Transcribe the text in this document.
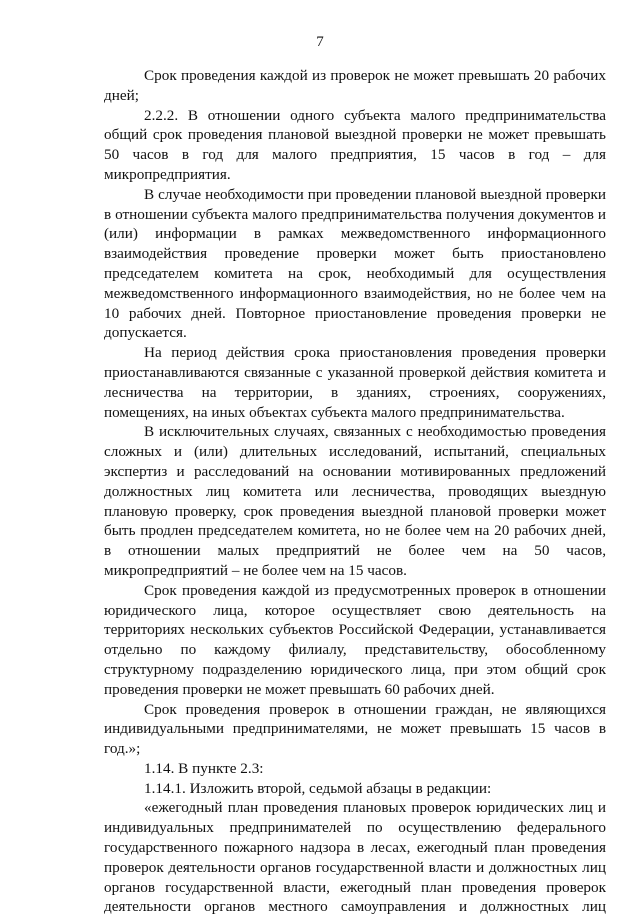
7

Срок проведения каждой из проверок не может превышать 20 рабочих дней;

2.2.2. В отношении одного субъекта малого предпринимательства общий срок проведения плановой выездной проверки не может превышать 50 часов в год для малого предприятия, 15 часов в год – для микропредприятия.

В случае необходимости при проведении плановой выездной проверки в отношении субъекта малого предпринимательства получения документов и (или) информации в рамках межведомственного информационного взаимодействия проведение проверки может быть приостановлено председателем комитета на срок, необходимый для осуществления межведомственного информационного взаимодействия, но не более чем на 10 рабочих дней. Повторное приостановление проведения проверки не допускается.

На период действия срока приостановления проведения проверки приостанавливаются связанные с указанной проверкой действия комитета и лесничества на территории, в зданиях, строениях, сооружениях, помещениях, на иных объектах субъекта малого предпринимательства.

В исключительных случаях, связанных с необходимостью проведения сложных и (или) длительных исследований, испытаний, специальных экспертиз и расследований на основании мотивированных предложений должностных лиц комитета или лесничества, проводящих выездную плановую проверку, срок проведения выездной плановой проверки может быть продлен председателем комитета, но не более чем на 20 рабочих дней, в отношении малых предприятий не более чем на 50 часов, микропредприятий – не более чем на 15 часов.

Срок проведения каждой из предусмотренных проверок в отношении юридического лица, которое осуществляет свою деятельность на территориях нескольких субъектов Российской Федерации, устанавливается отдельно по каждому филиалу, представительству, обособленному структурному подразделению юридического лица, при этом общий срок проведения проверки не может превышать 60 рабочих дней.

Срок проведения проверок в отношении граждан, не являющихся индивидуальными предпринимателями, не может превышать 15 часов в год.»;

1.14. В пункте 2.3:

1.14.1. Изложить второй, седьмой абзацы в редакции:

«ежегодный план проведения плановых проверок юридических лиц и индивидуальных предпринимателей по осуществлению федерального государственного пожарного надзора в лесах, ежегодный план проведения проверок деятельности органов государственной власти и должностных лиц органов государственной власти, ежегодный план проведения проверок деятельности органов местного самоуправления и должностных лиц
